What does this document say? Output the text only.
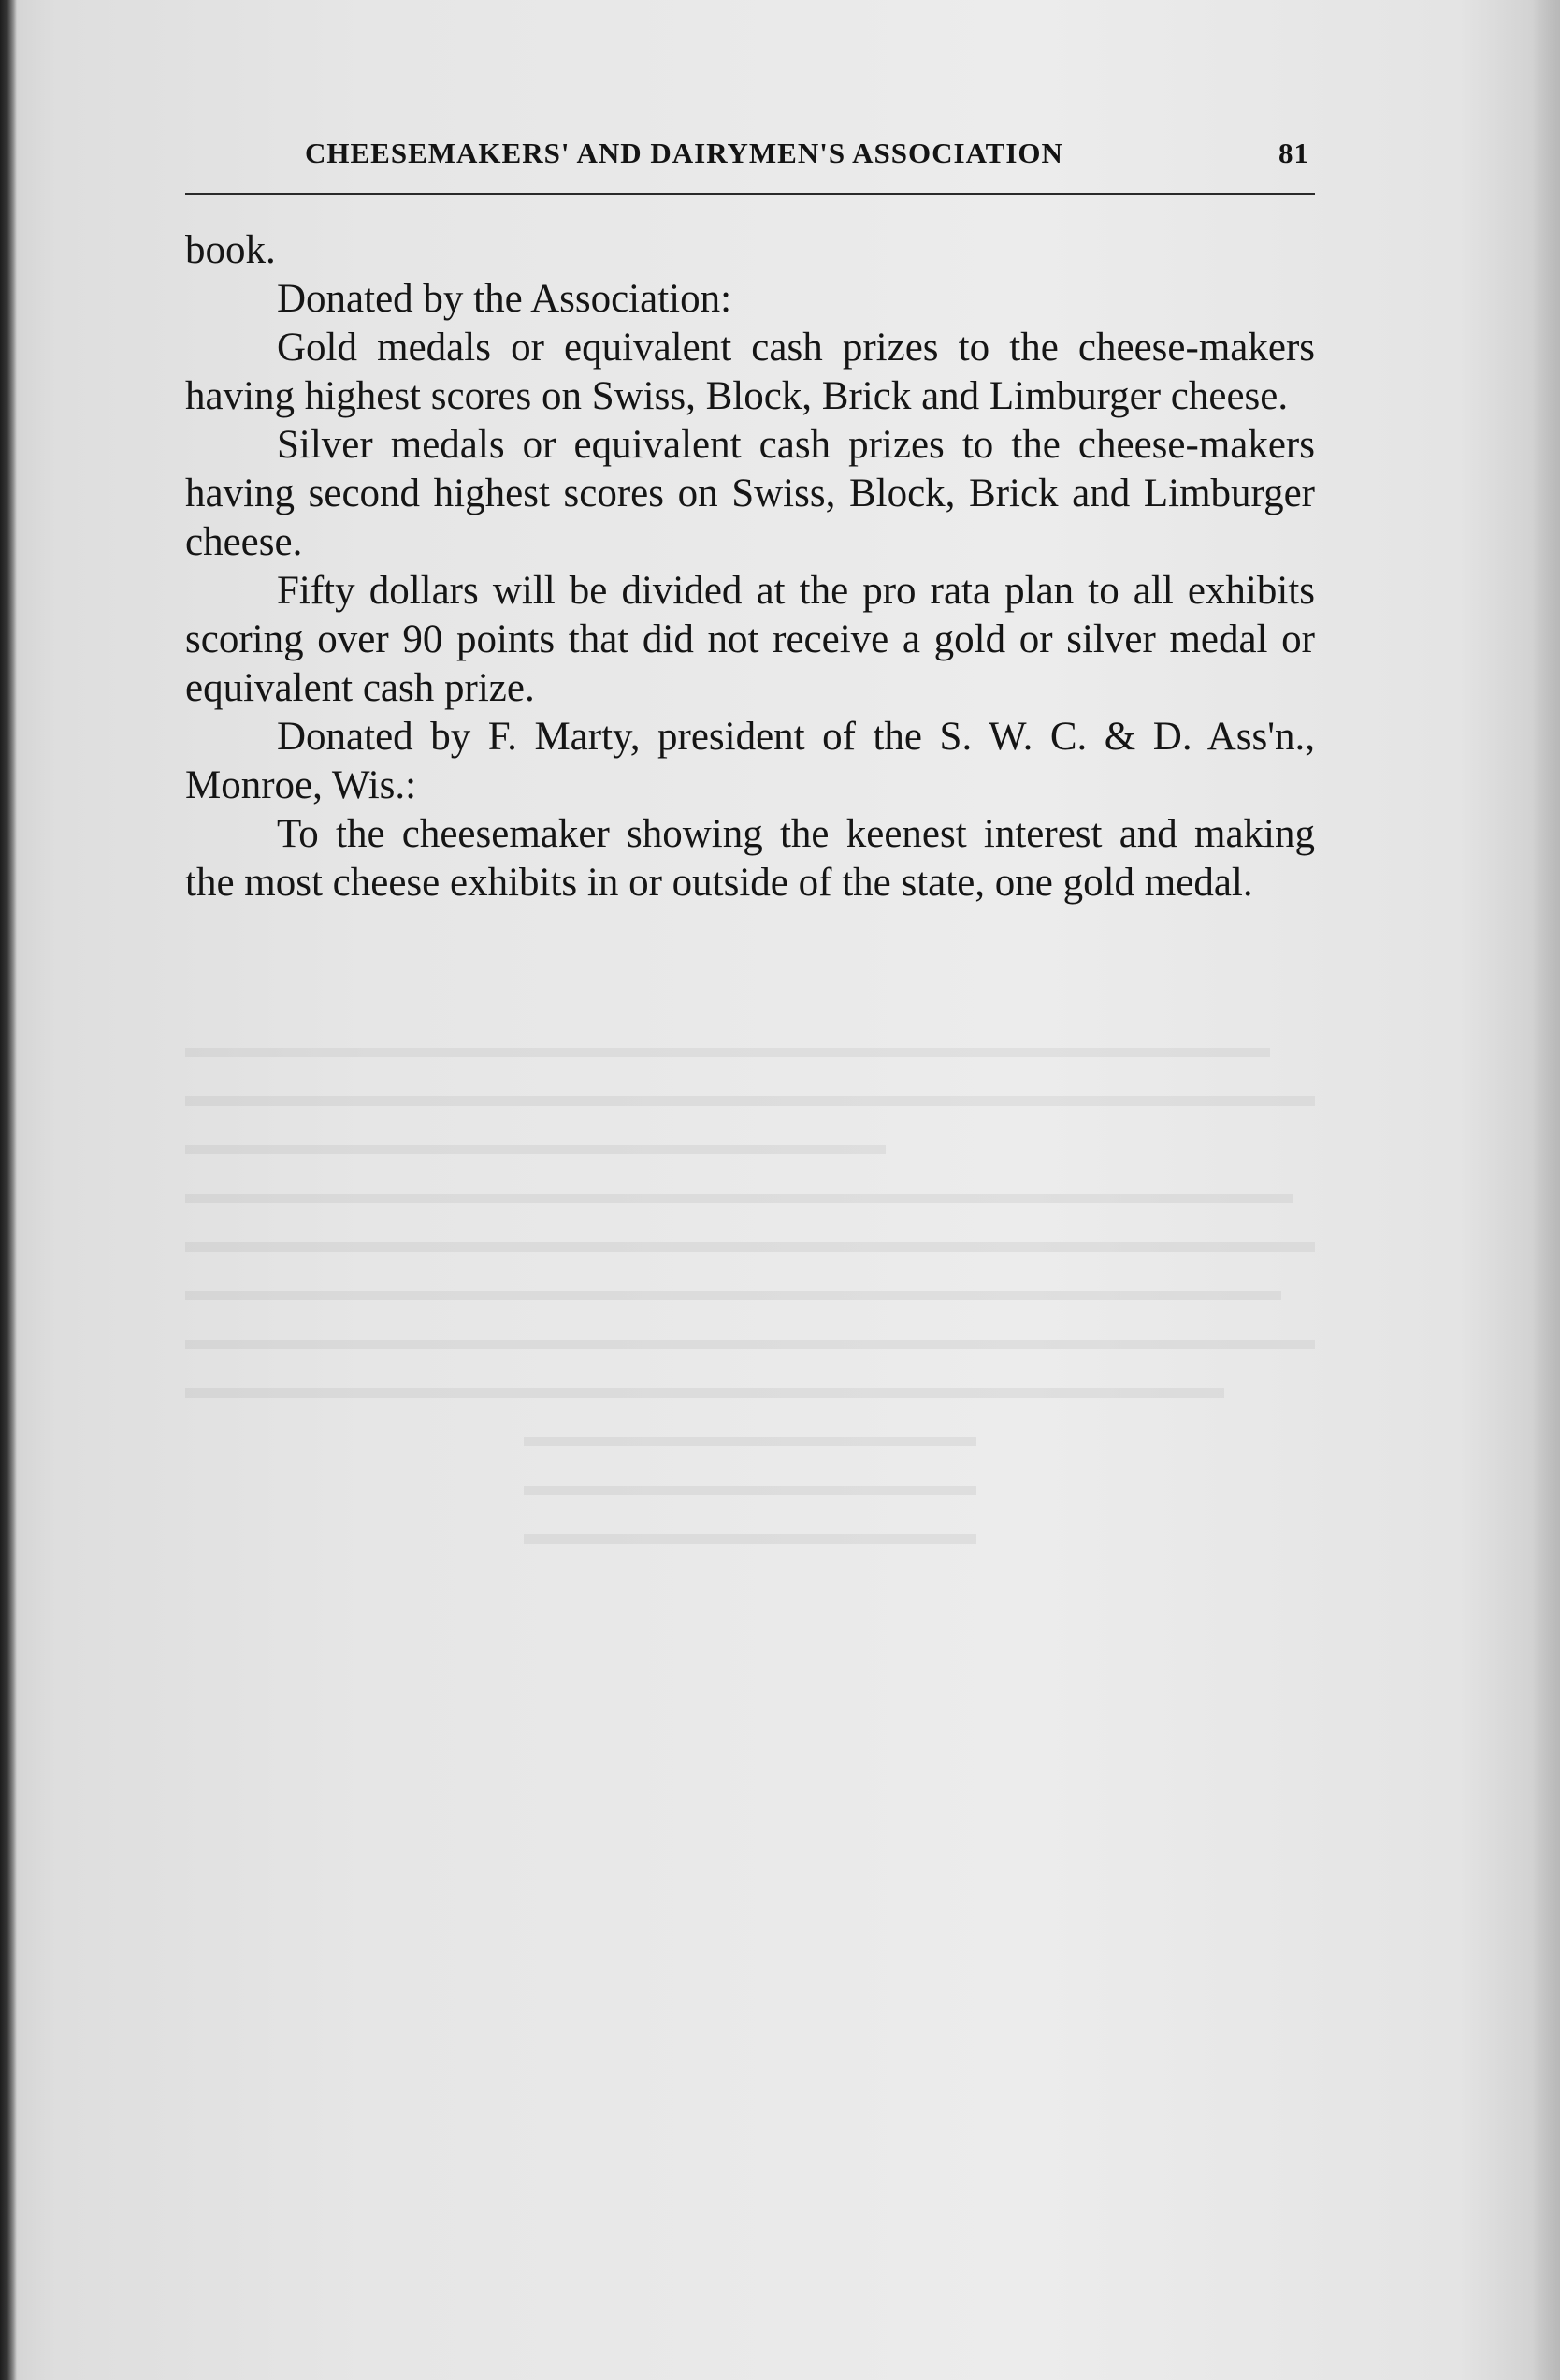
CHEESEMAKERS' AND DAIRYMEN'S ASSOCIATION	81

book.

Donated by the Association:

Gold medals or equivalent cash prizes to the cheese-makers having highest scores on Swiss, Block, Brick and Limburger cheese.

Silver medals or equivalent cash prizes to the cheese-makers having second highest scores on Swiss, Block, Brick and Limburger cheese.

Fifty dollars will be divided at the pro rata plan to all exhibits scoring over 90 points that did not receive a gold or silver medal or equivalent cash prize.

Donated by F. Marty, president of the S. W. C. & D. Ass'n., Monroe, Wis.:

To the cheesemaker showing the keenest interest and making the most cheese exhibits in or outside of the state, one gold medal.
